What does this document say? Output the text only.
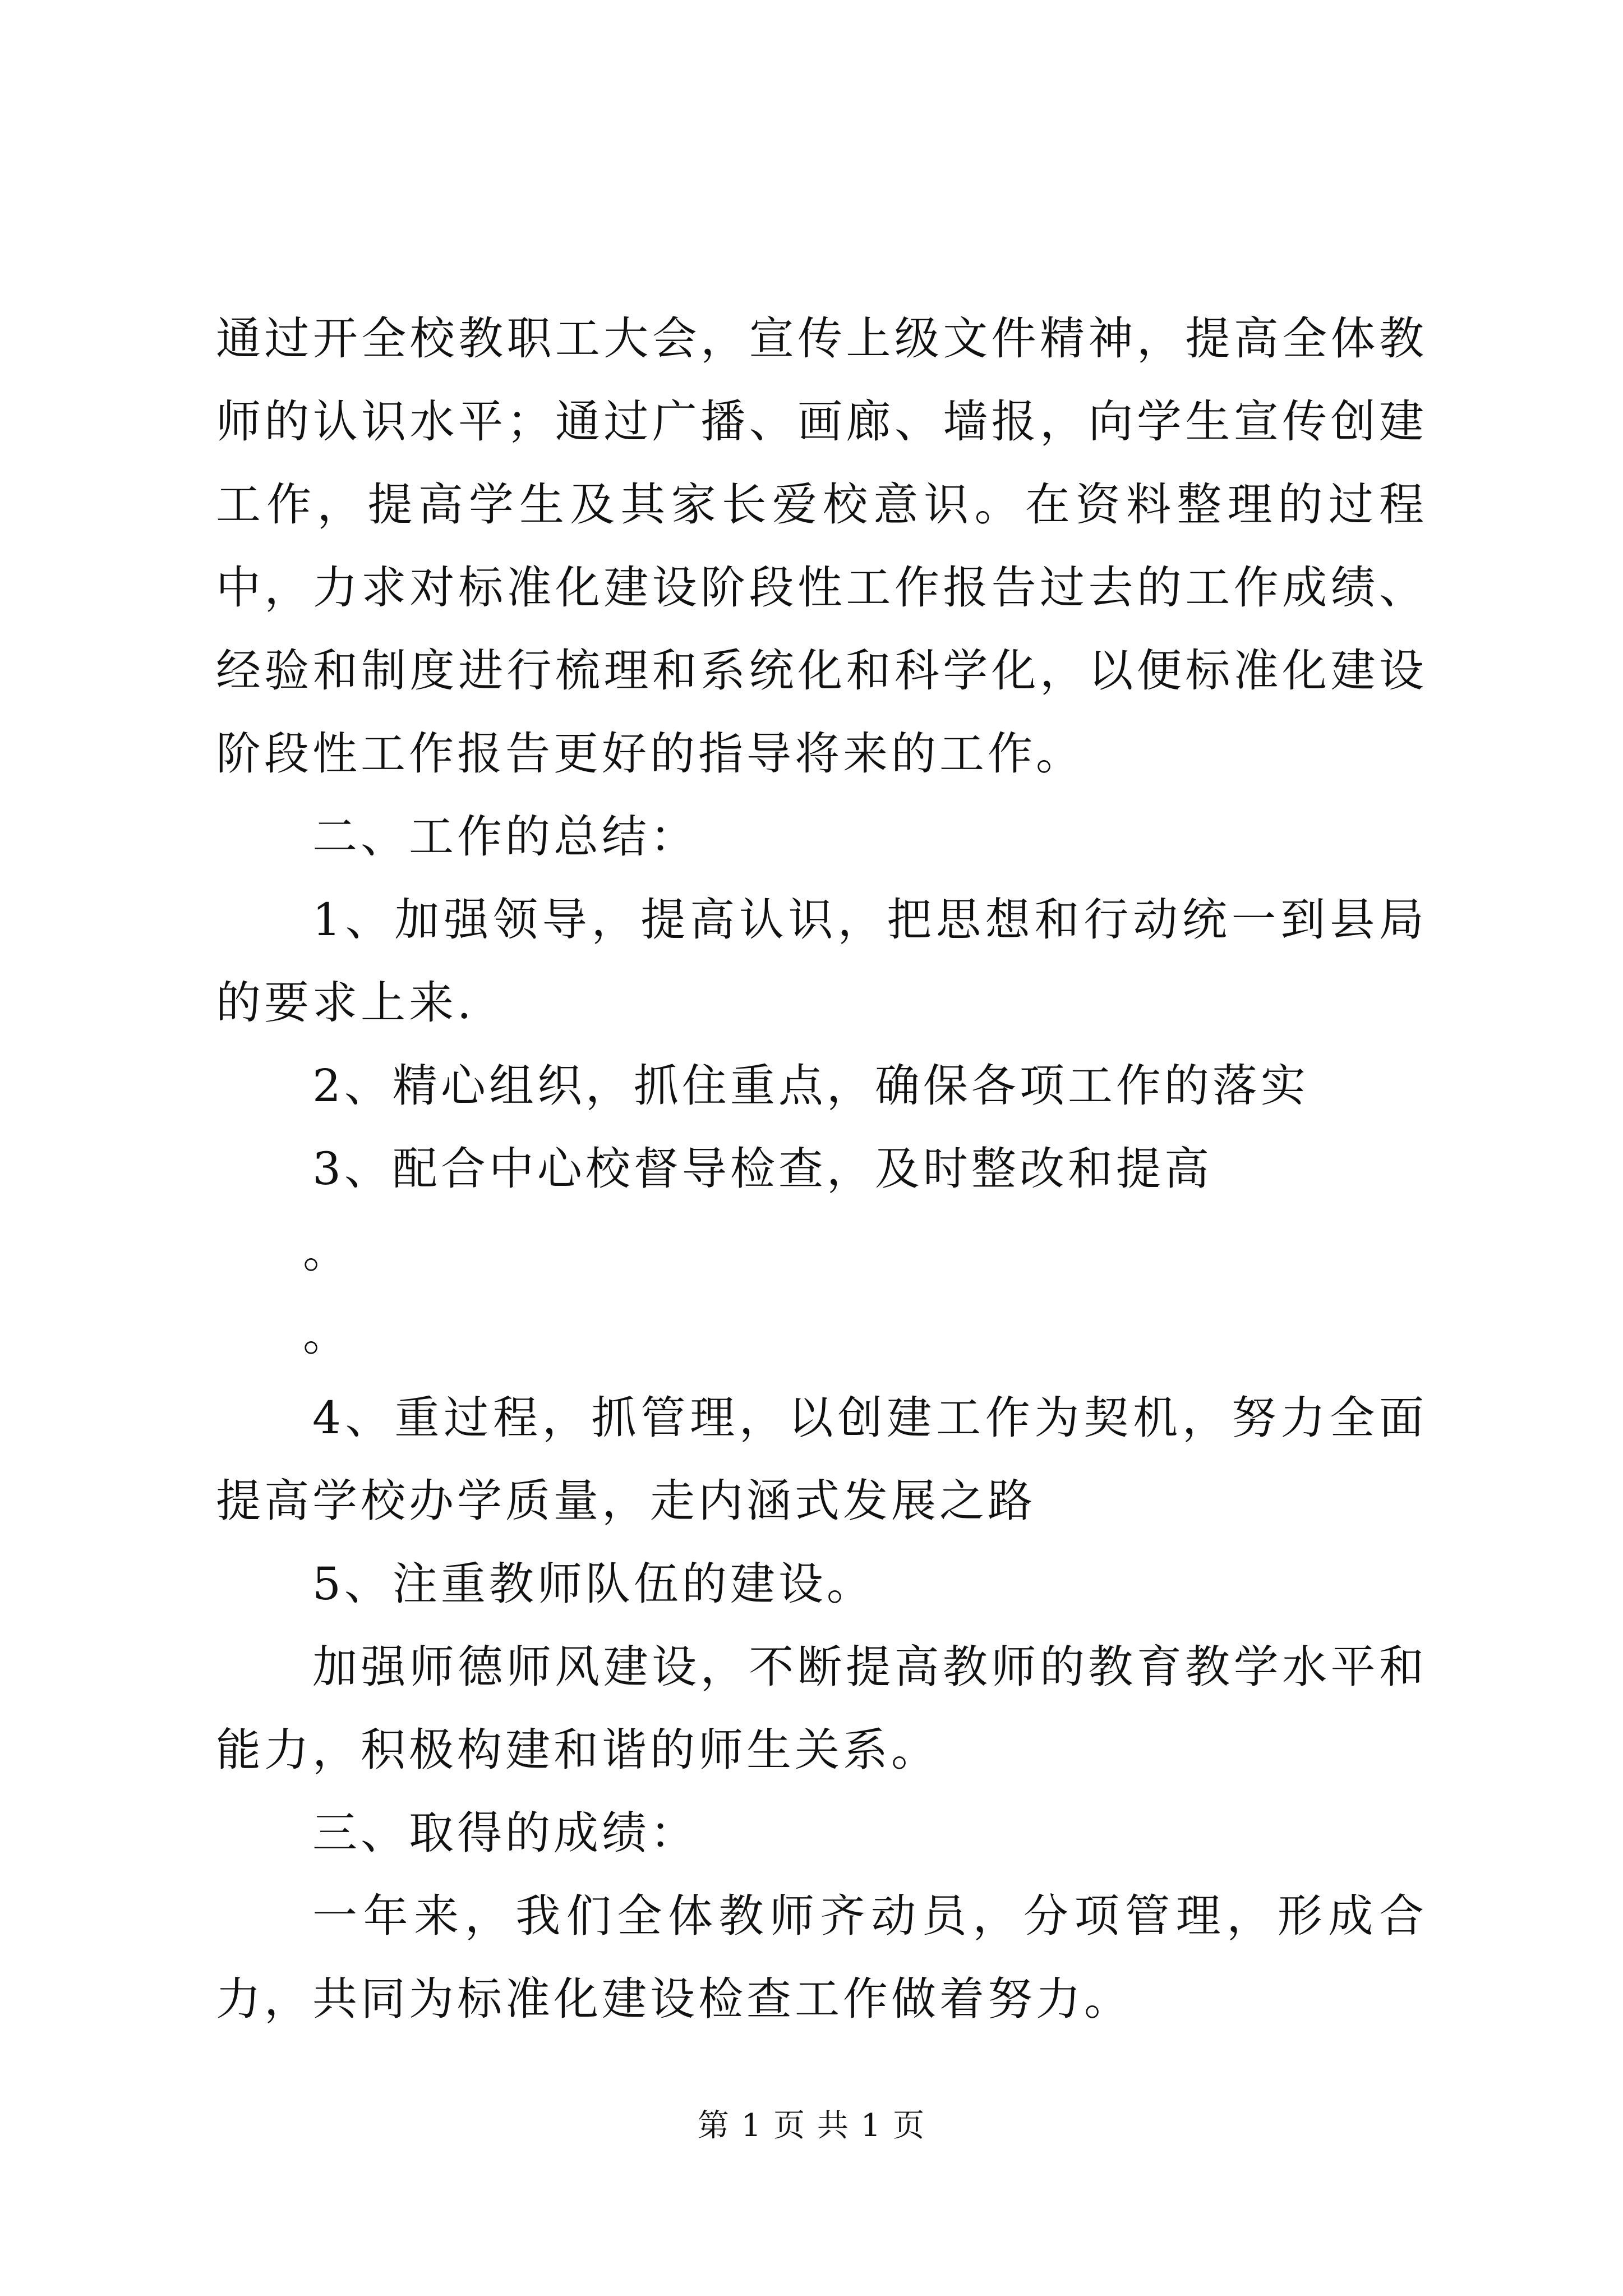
通过开全校教职工大会，宣传上级文件精神，提高全体教师的认识水平；通过广播、画廊、墙报，向学生宣传创建工作，提高学生及其家长爱校意识。在资料整理的过程中，力求对标准化建设阶段性工作报告过去的工作成绩、经验和制度进行梳理和系统化和科学化，以便标准化建设阶段性工作报告更好的指导将来的工作。

二、工作的总结：

1、加强领导，提高认识，把思想和行动统一到县局的要求上来.

2、精心组织，抓住重点，确保各项工作的落实

3、配合中心校督导检查，及时整改和提高

。

。

4、重过程，抓管理，以创建工作为契机，努力全面提高学校办学质量，走内涵式发展之路

5、注重教师队伍的建设。

加强师德师风建设，不断提高教师的教育教学水平和能力，积极构建和谐的师生关系。

三、取得的成绩：

一年来，我们全体教师齐动员，分项管理，形成合力，共同为标准化建设检查工作做着努力。

第 1 页 共 1 页
